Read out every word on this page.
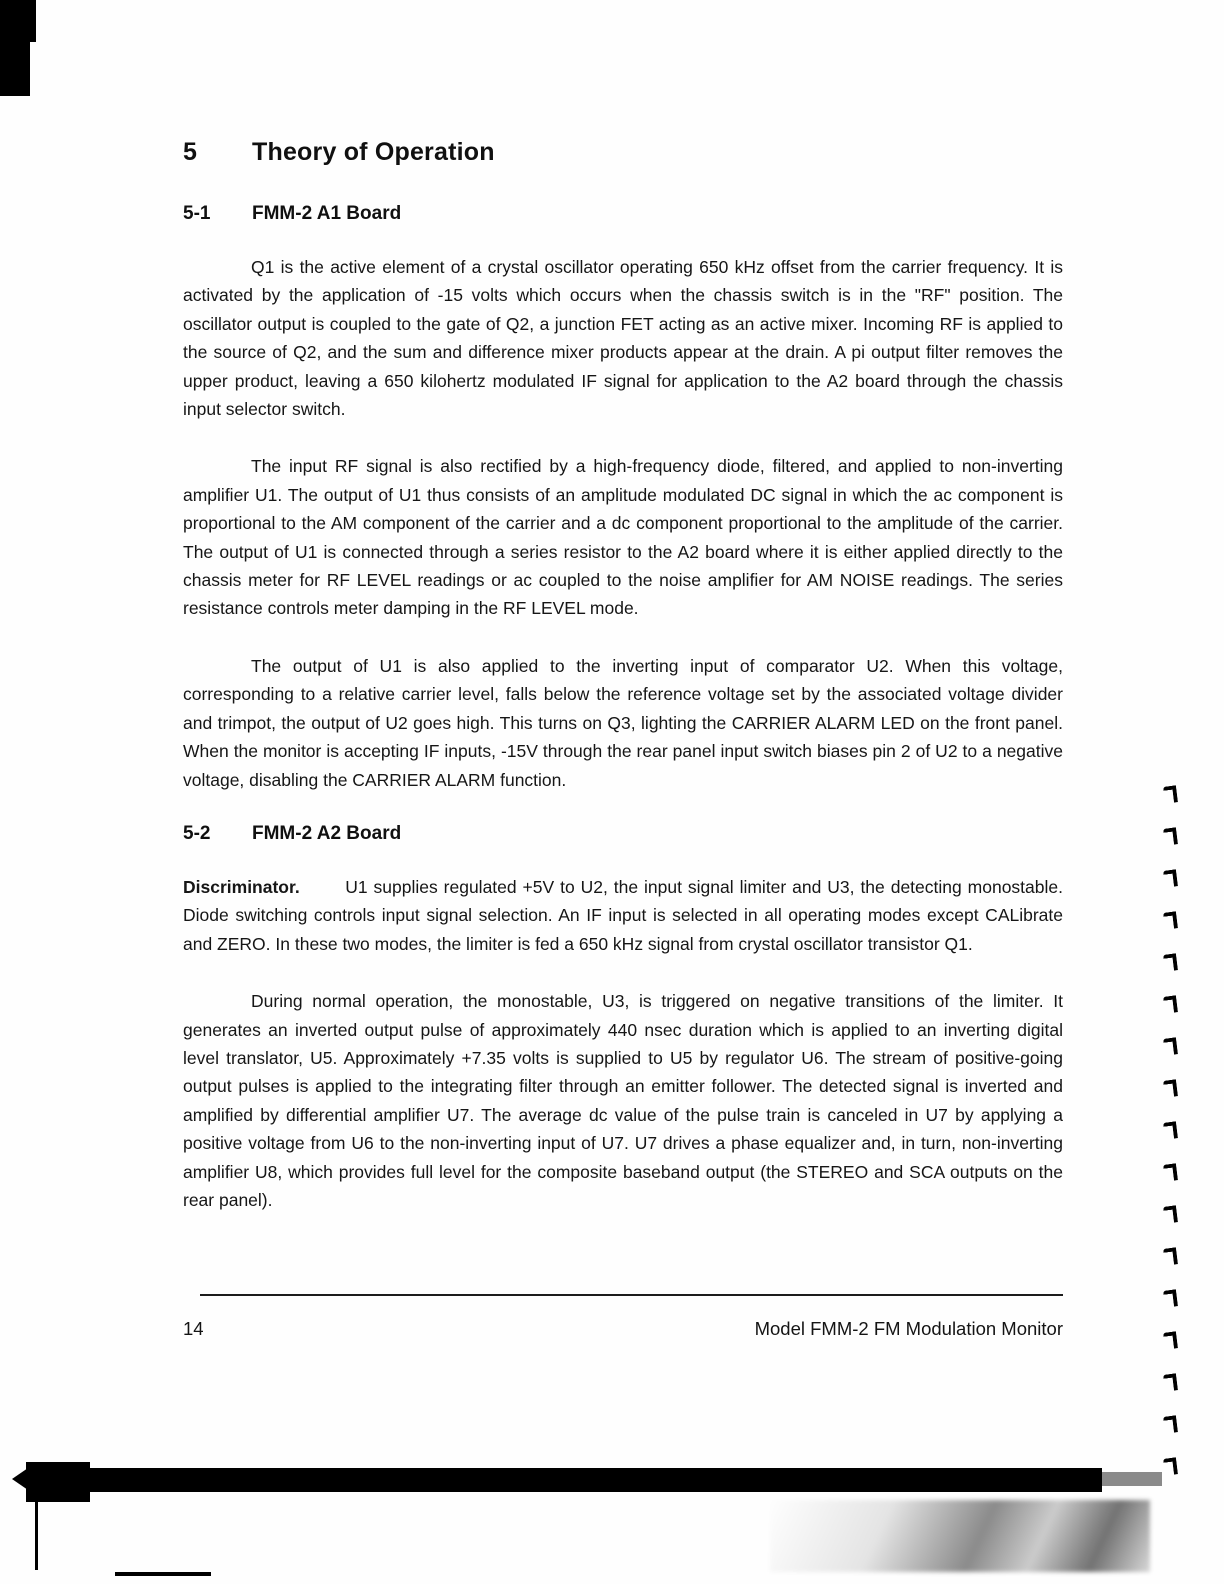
5 Theory of Operation
5-1 FMM-2 A1 Board

Q1 is the active element of a crystal oscillator operating 650 kHz offset from the carrier frequency. It is activated by the application of -15 volts which occurs when the chassis switch is in the "RF" position. The oscillator output is coupled to the gate of Q2, a junction FET acting as an active mixer. Incoming RF is applied to the source of Q2, and the sum and difference mixer products appear at the drain. A pi output filter removes the upper product, leaving a 650 kilohertz modulated IF signal for application to the A2 board through the chassis input selector switch.

The input RF signal is also rectified by a high-frequency diode, filtered, and applied to non-inverting amplifier U1. The output of U1 thus consists of an amplitude modulated DC signal in which the ac component is proportional to the AM component of the carrier and a dc component proportional to the amplitude of the carrier. The output of U1 is connected through a series resistor to the A2 board where it is either applied directly to the chassis meter for RF LEVEL readings or ac coupled to the noise amplifier for AM NOISE readings. The series resistance controls meter damping in the RF LEVEL mode.

The output of U1 is also applied to the inverting input of comparator U2. When this voltage, corresponding to a relative carrier level, falls below the reference voltage set by the associated voltage divider and trimpot, the output of U2 goes high. This turns on Q3, lighting the CARRIER ALARM LED on the front panel. When the monitor is accepting IF inputs, -15V through the rear panel input switch biases pin 2 of U2 to a negative voltage, disabling the CARRIER ALARM function.

5-2 FMM-2 A2 Board

Discriminator.	U1 supplies regulated +5V to U2, the input signal limiter and U3, the detecting monostable. Diode switching controls input signal selection. An IF input is selected in all operating modes except CALibrate and ZERO. In these two modes, the limiter is fed a 650 kHz signal from crystal oscillator transistor Q1.

During normal operation, the monostable, U3, is triggered on negative transitions of the limiter. It generates an inverted output pulse of approximately 440 nsec duration which is applied to an inverting digital level translator, U5. Approximately +7.35 volts is supplied to U5 by regulator U6. The stream of positive-going output pulses is applied to the integrating filter through an emitter follower. The detected signal is inverted and amplified by differential amplifier U7. The average dc value of the pulse train is canceled in U7 by applying a positive voltage from U6 to the non-inverting input of U7. U7 drives a phase equalizer and, in turn, non-inverting amplifier U8, which provides full level for the composite baseband output (the STEREO and SCA outputs on the rear panel).

14	Model FMM-2 FM Modulation Monitor
